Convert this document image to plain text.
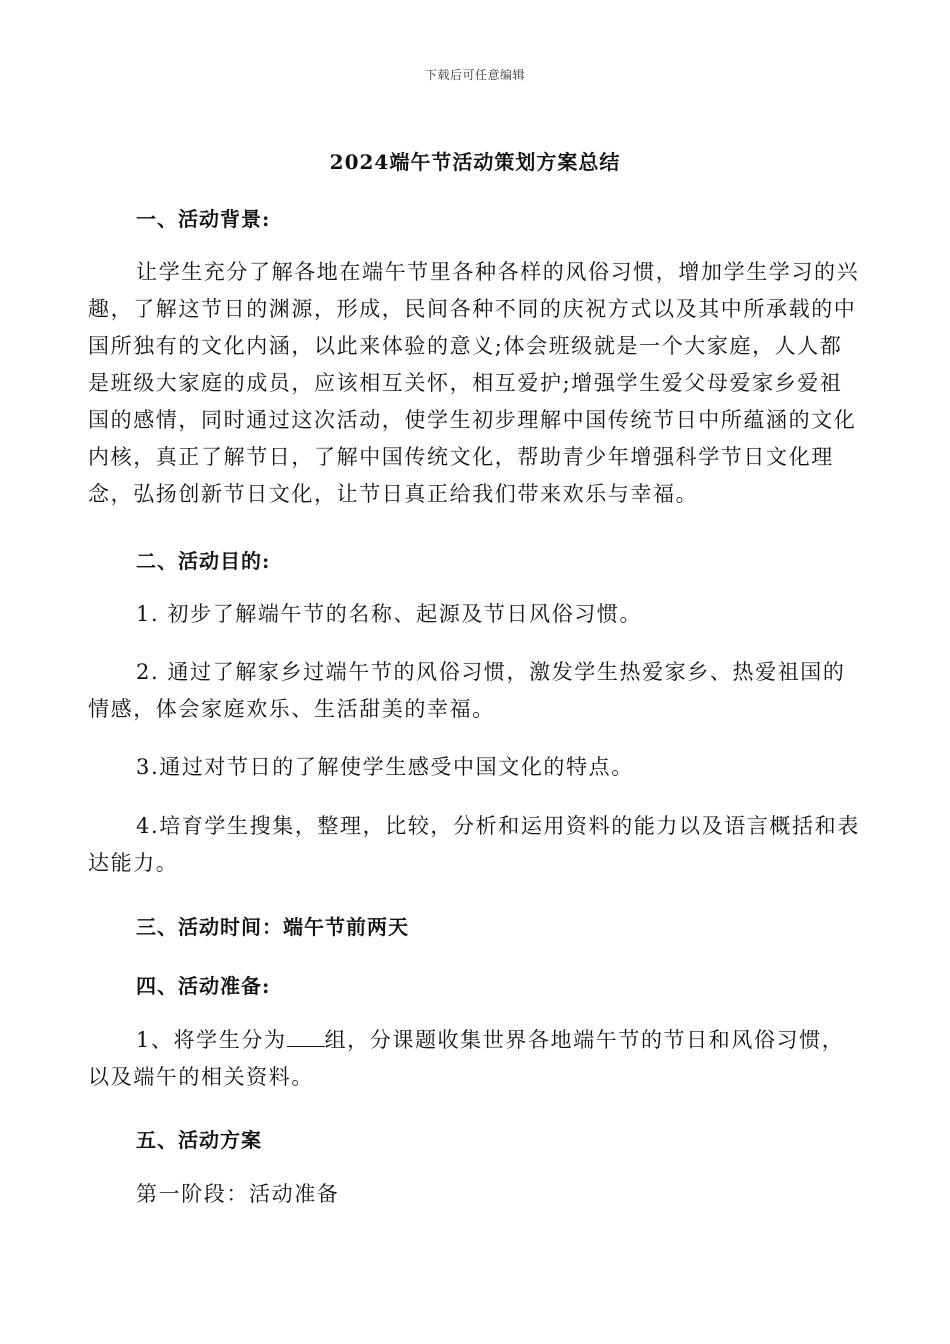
下载后可任意编辑
2024端午节活动策划方案总结
一、活动背景:
让学生充分了解各地在端午节里各种各样的风俗习惯，增加学生学习的兴趣，了解这节日的渊源，形成，民间各种不同的庆祝方式以及其中所承载的中国所独有的文化内涵，以此来体验的意义;体会班级就是一个大家庭，人人都是班级大家庭的成员，应该相互关怀，相互爱护;增强学生爱父母爱家乡爱祖国的感情，同时通过这次活动，使学生初步理解中国传统节日中所蕴涵的文化内核，真正了解节日，了解中国传统文化，帮助青少年增强科学节日文化理念，弘扬创新节日文化，让节日真正给我们带来欢乐与幸福。
二、活动目的:
1. 初步了解端午节的名称、起源及节日风俗习惯。
2. 通过了解家乡过端午节的风俗习惯，激发学生热爱家乡、热爱祖国的情感，体会家庭欢乐、生活甜美的幸福。
3.通过对节日的了解使学生感受中国文化的特点。
4.培育学生搜集，整理，比较，分析和运用资料的能力以及语言概括和表达能力。
三、活动时间：端午节前两天
四、活动准备:
1、将学生分为 组，分课题收集世界各地端午节的节日和风俗习惯，以及端午的相关资料。
五、活动方案
第一阶段：活动准备
